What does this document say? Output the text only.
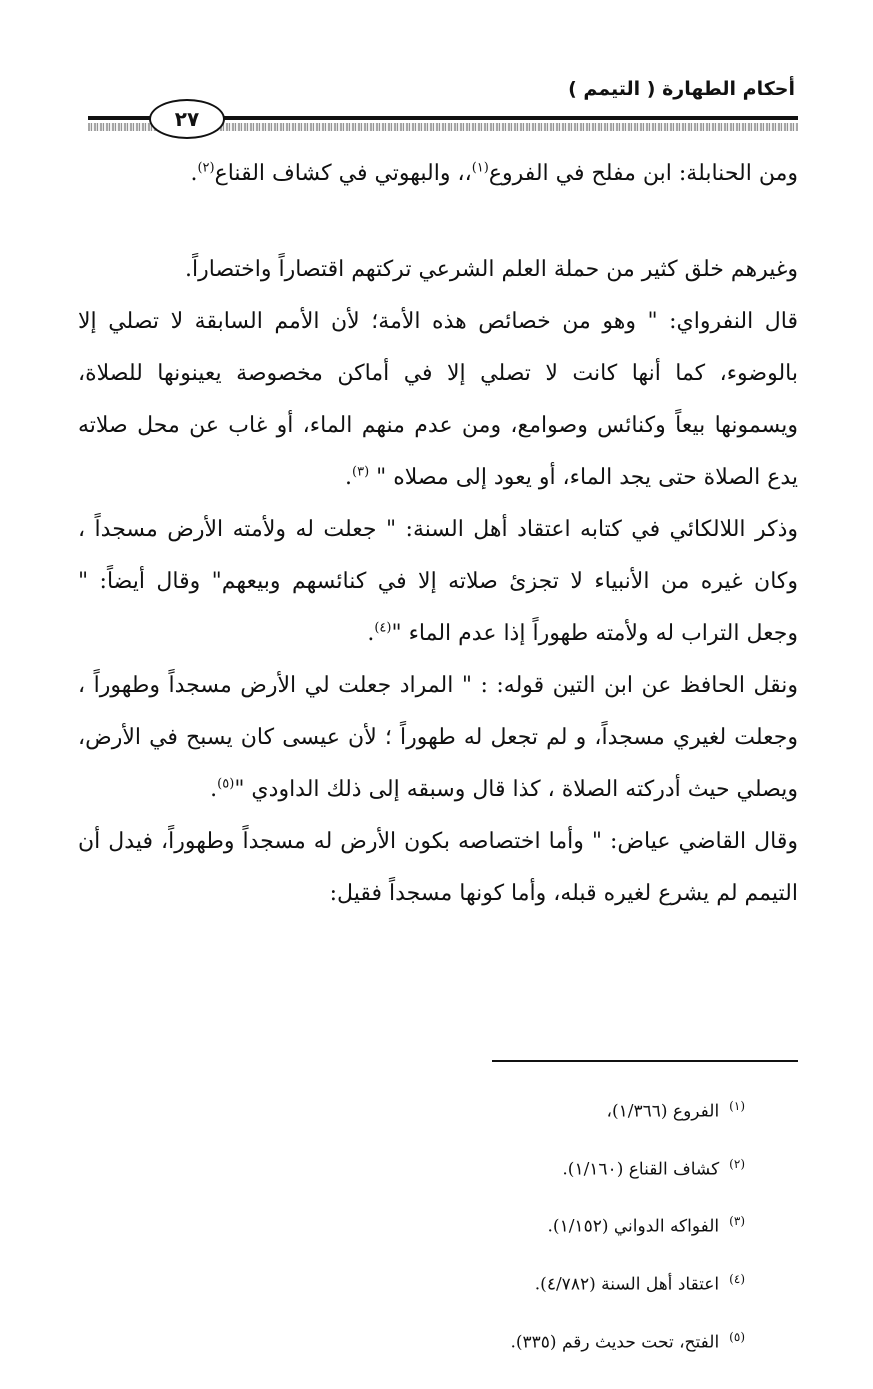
أحكام الطهارة ( التيمم )
٢٧

ومن الحنابلة: ابن مفلح في الفروع$^{(١)}$،، والبهوتي في كشاف القناع$^{(٢)}$.

وغيرهم خلق كثير من حملة العلم الشرعي تركتهم اقتصاراً واختصاراً.

قال النفرواي: " وهو من خصائص هذه الأمة؛ لأن الأمم السابقة لا تصلي إلا بالوضوء، كما أنها كانت لا تصلي إلا في أماكن مخصوصة يعينونها للصلاة، ويسمونها بيعاً وكنائس وصوامع، ومن عدم منهم الماء، أو غاب عن محل صلاته يدع الصلاة حتى يجد الماء، أو يعود إلى مصلاه " $^{(٣)}$.

وذكر اللالكائي في كتابه اعتقاد أهل السنة: " جعلت له ولأمته الأرض مسجداً ، وكان غيره من الأنبياء لا تجزئ صلاته إلا في كنائسهم وبيعهم" وقال أيضاً: " وجعل التراب له ولأمته طهوراً إذا عدم الماء "$^{(٤)}$.

ونقل الحافظ عن ابن التين قوله: : " المراد جعلت لي الأرض مسجداً وطهوراً ، وجعلت لغيري مسجداً، و لم تجعل له طهوراً ؛ لأن عيسى كان يسبح في الأرض، ويصلي حيث أدركته الصلاة ، كذا قال وسبقه إلى ذلك الداودي "$^{(٥)}$.

وقال القاضي عياض: " وأما اختصاصه بكون الأرض له مسجداً وطهوراً، فيدل أن التيمم لم يشرع لغيره قبله، وأما كونها مسجداً فقيل:

$^{(١)}$الفروع (١/٣٦٦)،

$^{(٢)}$كشاف القناع (١/١٦٠).

$^{(٣)}$الفواكه الدواني (١/١٥٢).

$^{(٤)}$اعتقاد أهل السنة (٤/٧٨٢).

$^{(٥)}$الفتح، تحت حديث رقم (٣٣٥).
